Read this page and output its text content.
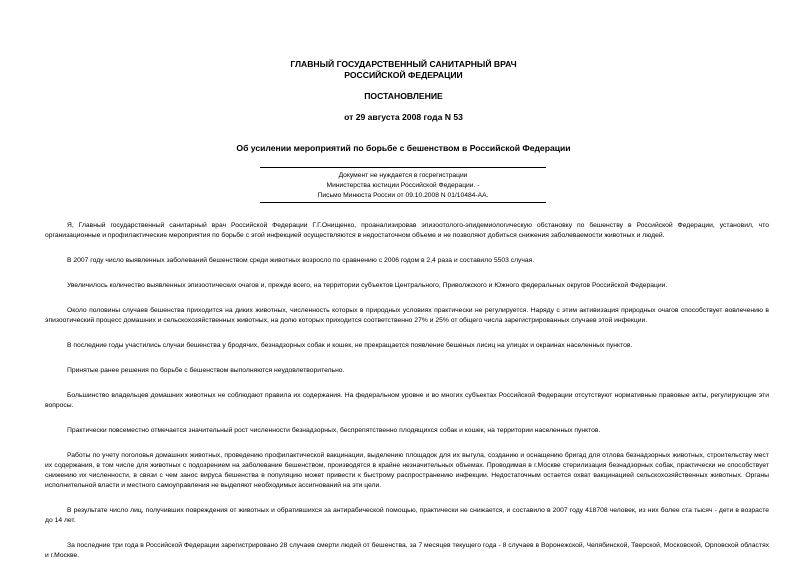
ГЛАВНЫЙ ГОСУДАРСТВЕННЫЙ САНИТАРНЫЙ ВРАЧ
РОССИЙСКОЙ ФЕДЕРАЦИИ
ПОСТАНОВЛЕНИЕ
от 29 августа 2008 года N 53
Об усилении мероприятий по борьбе с бешенством в Российской Федерации
Документ не нуждается в госрегистрации
Министерства юстиции Российской Федерации. -
Письмо Минюста России от 09.10.2008 N 01/10484-АА.

Я, Главный государственный санитарный врач Российской Федерации Г.Г.Онищенко, проанализировав эпизоотолого-эпидемиологическую обстановку по бешенству в Российской Федерации, установил, что организационные и профилактические мероприятия по борьбе с этой инфекцией осуществляются в недостаточном объеме и не позволяют добиться снижения заболеваемости животных и людей.

В 2007 году число выявленных заболеваний бешенством среди животных возросло по сравнению с 2006 годом в 2,4 раза и составило 5503 случая.

Увеличилось количество выявленных эпизоотических очагов и, прежде всего, на территории субъектов Центрального, Приволжского и Южного федеральных округов Российской Федерации.

Около половины случаев бешенства приходится на диких животных, численность которых в природных условиях практически не регулируется. Наряду с этим активизация природных очагов способствует вовлечению в эпизоотический процесс домашних и сельскохозяйственных животных, на долю которых приходится соответственно 27% и 25% от общего числа зарегистрированных случаев этой инфекции.

В последние годы участились случаи бешенства у бродячих, безнадзорных собак и кошек, не прекращается появление бешеных лисиц на улицах и окраинах населенных пунктов.

Принятые ранее решения по борьбе с бешенством выполняются неудовлетворительно.

Большинство владельцев домашних животных не соблюдают правила их содержания. На федеральном уровне и во многих субъектах Российской Федерации отсутствуют нормативные правовые акты, регулирующие эти вопросы.

Практически повсеместно отмечается значительный рост численности безнадзорных, беспрепятственно плодящихся собак и кошек, на территории населенных пунктов.

Работы по учету поголовья домашних животных, проведению профилактической вакцинации, выделению площадок для их выгула, созданию и оснащению бригад для отлова безнадзорных животных, строительству мест их содержания, в том числе для животных с подозрением на заболевание бешенством, производятся в крайне незначительных объемах. Проводимая в г.Москве стерилизация безнадзорных собак, практически не способствует снижению их численности, в связи с чем занос вируса бешенства в популяцию может привести к быстрому распространению инфекции. Недостаточным остается охват вакцинацией сельскохозяйственных животных. Органы исполнительной власти и местного самоуправления не выделяют необходимых ассигнований на эти цели.

В результате число лиц, получивших повреждения от животных и обратившихся за антирабической помощью, практически не снижается, и составило в 2007 году 418708 человек, из них более ста тысяч - дети в возрасте до 14 лет.

За последние три года в Российской Федерации зарегистрировано 28 случаев смерти людей от бешенства, за 7 месяцев текущего года - 8 случаев в Воронежской, Челябинской, Тверской, Московской, Орловской областях и г.Москве.
